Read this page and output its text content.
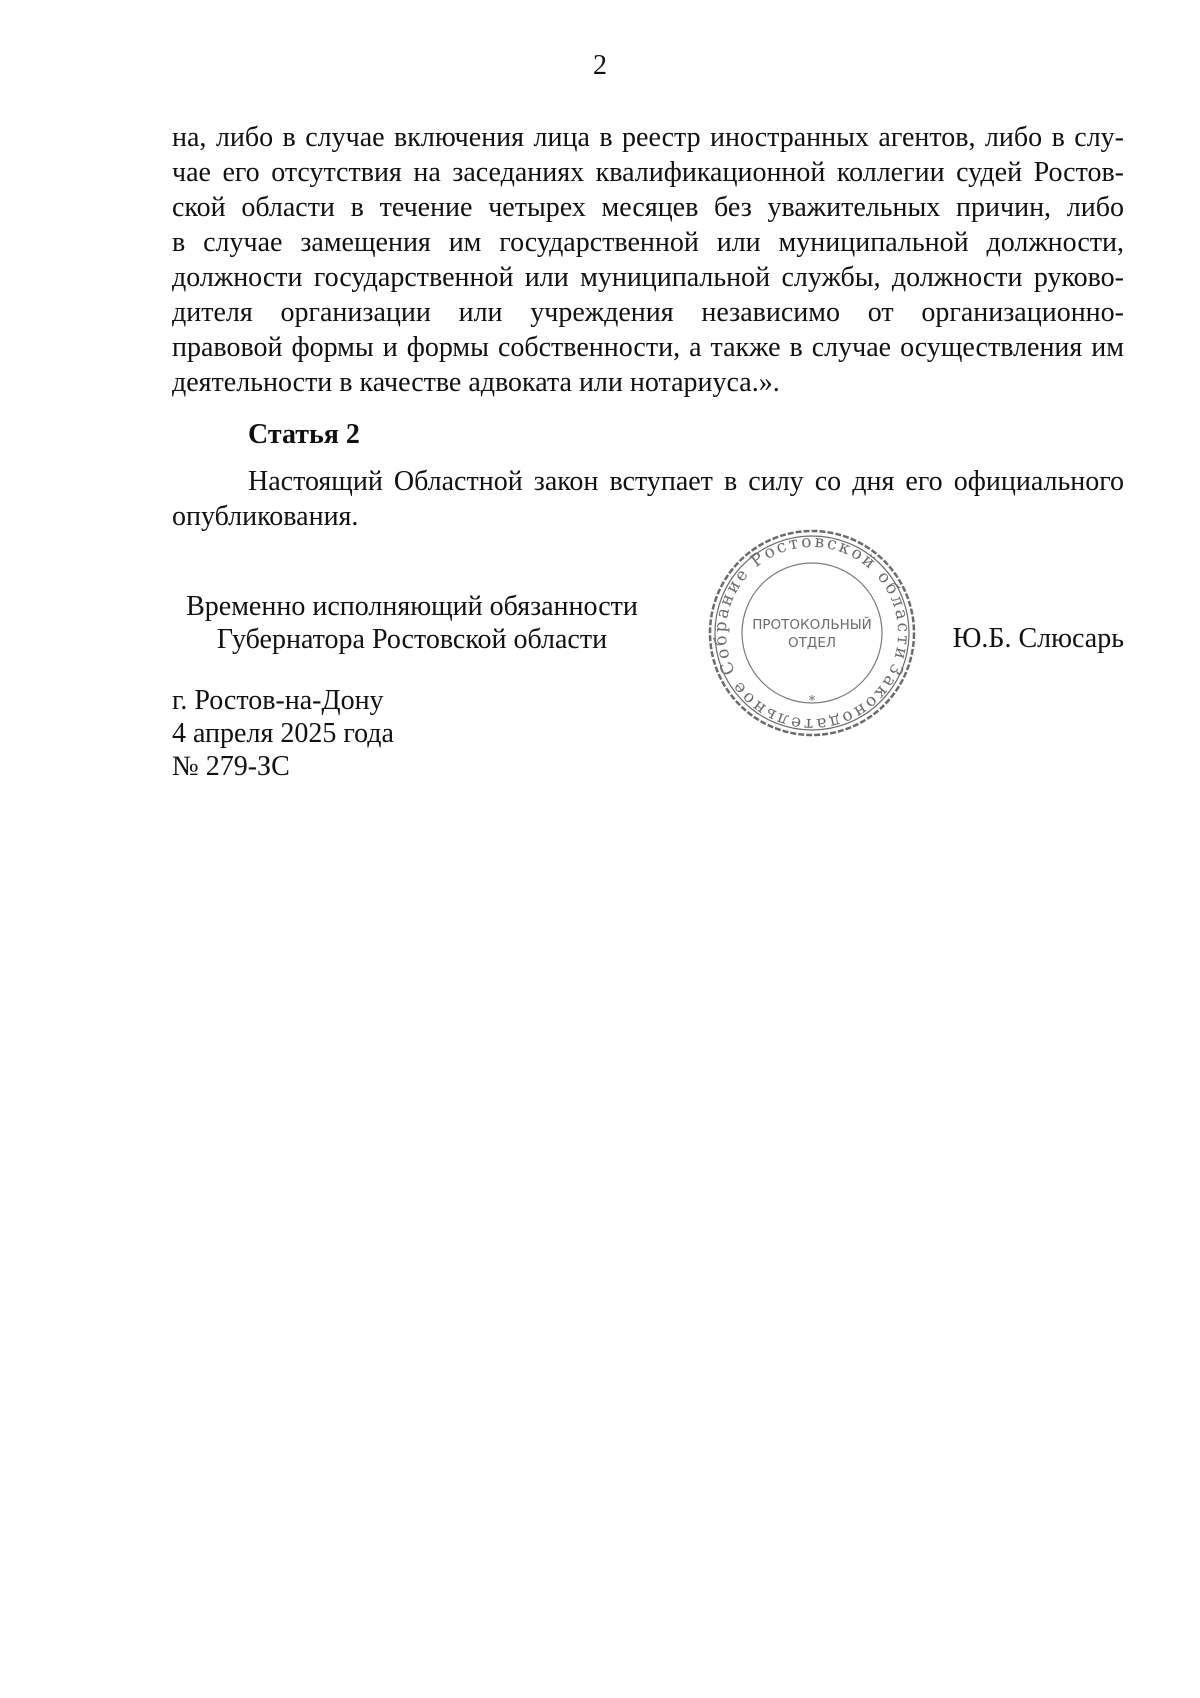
2
на, либо в случае включения лица в реестр иностранных агентов, либо в слу-
чае его отсутствия на заседаниях квалификационной коллегии судей Ростов-
ской области в течение четырех месяцев без уважительных причин, либо
в случае замещения им государственной или муниципальной должности,
должности государственной или муниципальной службы, должности руково-
дителя организации или учреждения независимо от организационно-
правовой формы и формы собственности, а также в случае осуществления им
деятельности в качестве адвоката или нотариуса.».
Статья 2
Настоящий Областной закон вступает в силу со дня его официального
опубликования.
Временно исполняющий обязанности
Губернатора Ростовской области	Ю.Б. Слюсарь
г. Ростов-на-Дону
4 апреля 2025 года
№ 279-ЗС
Законодательное Собрание Ростовской области
*
ПРОТОКОЛЬНЫЙ
ОТДЕЛ
